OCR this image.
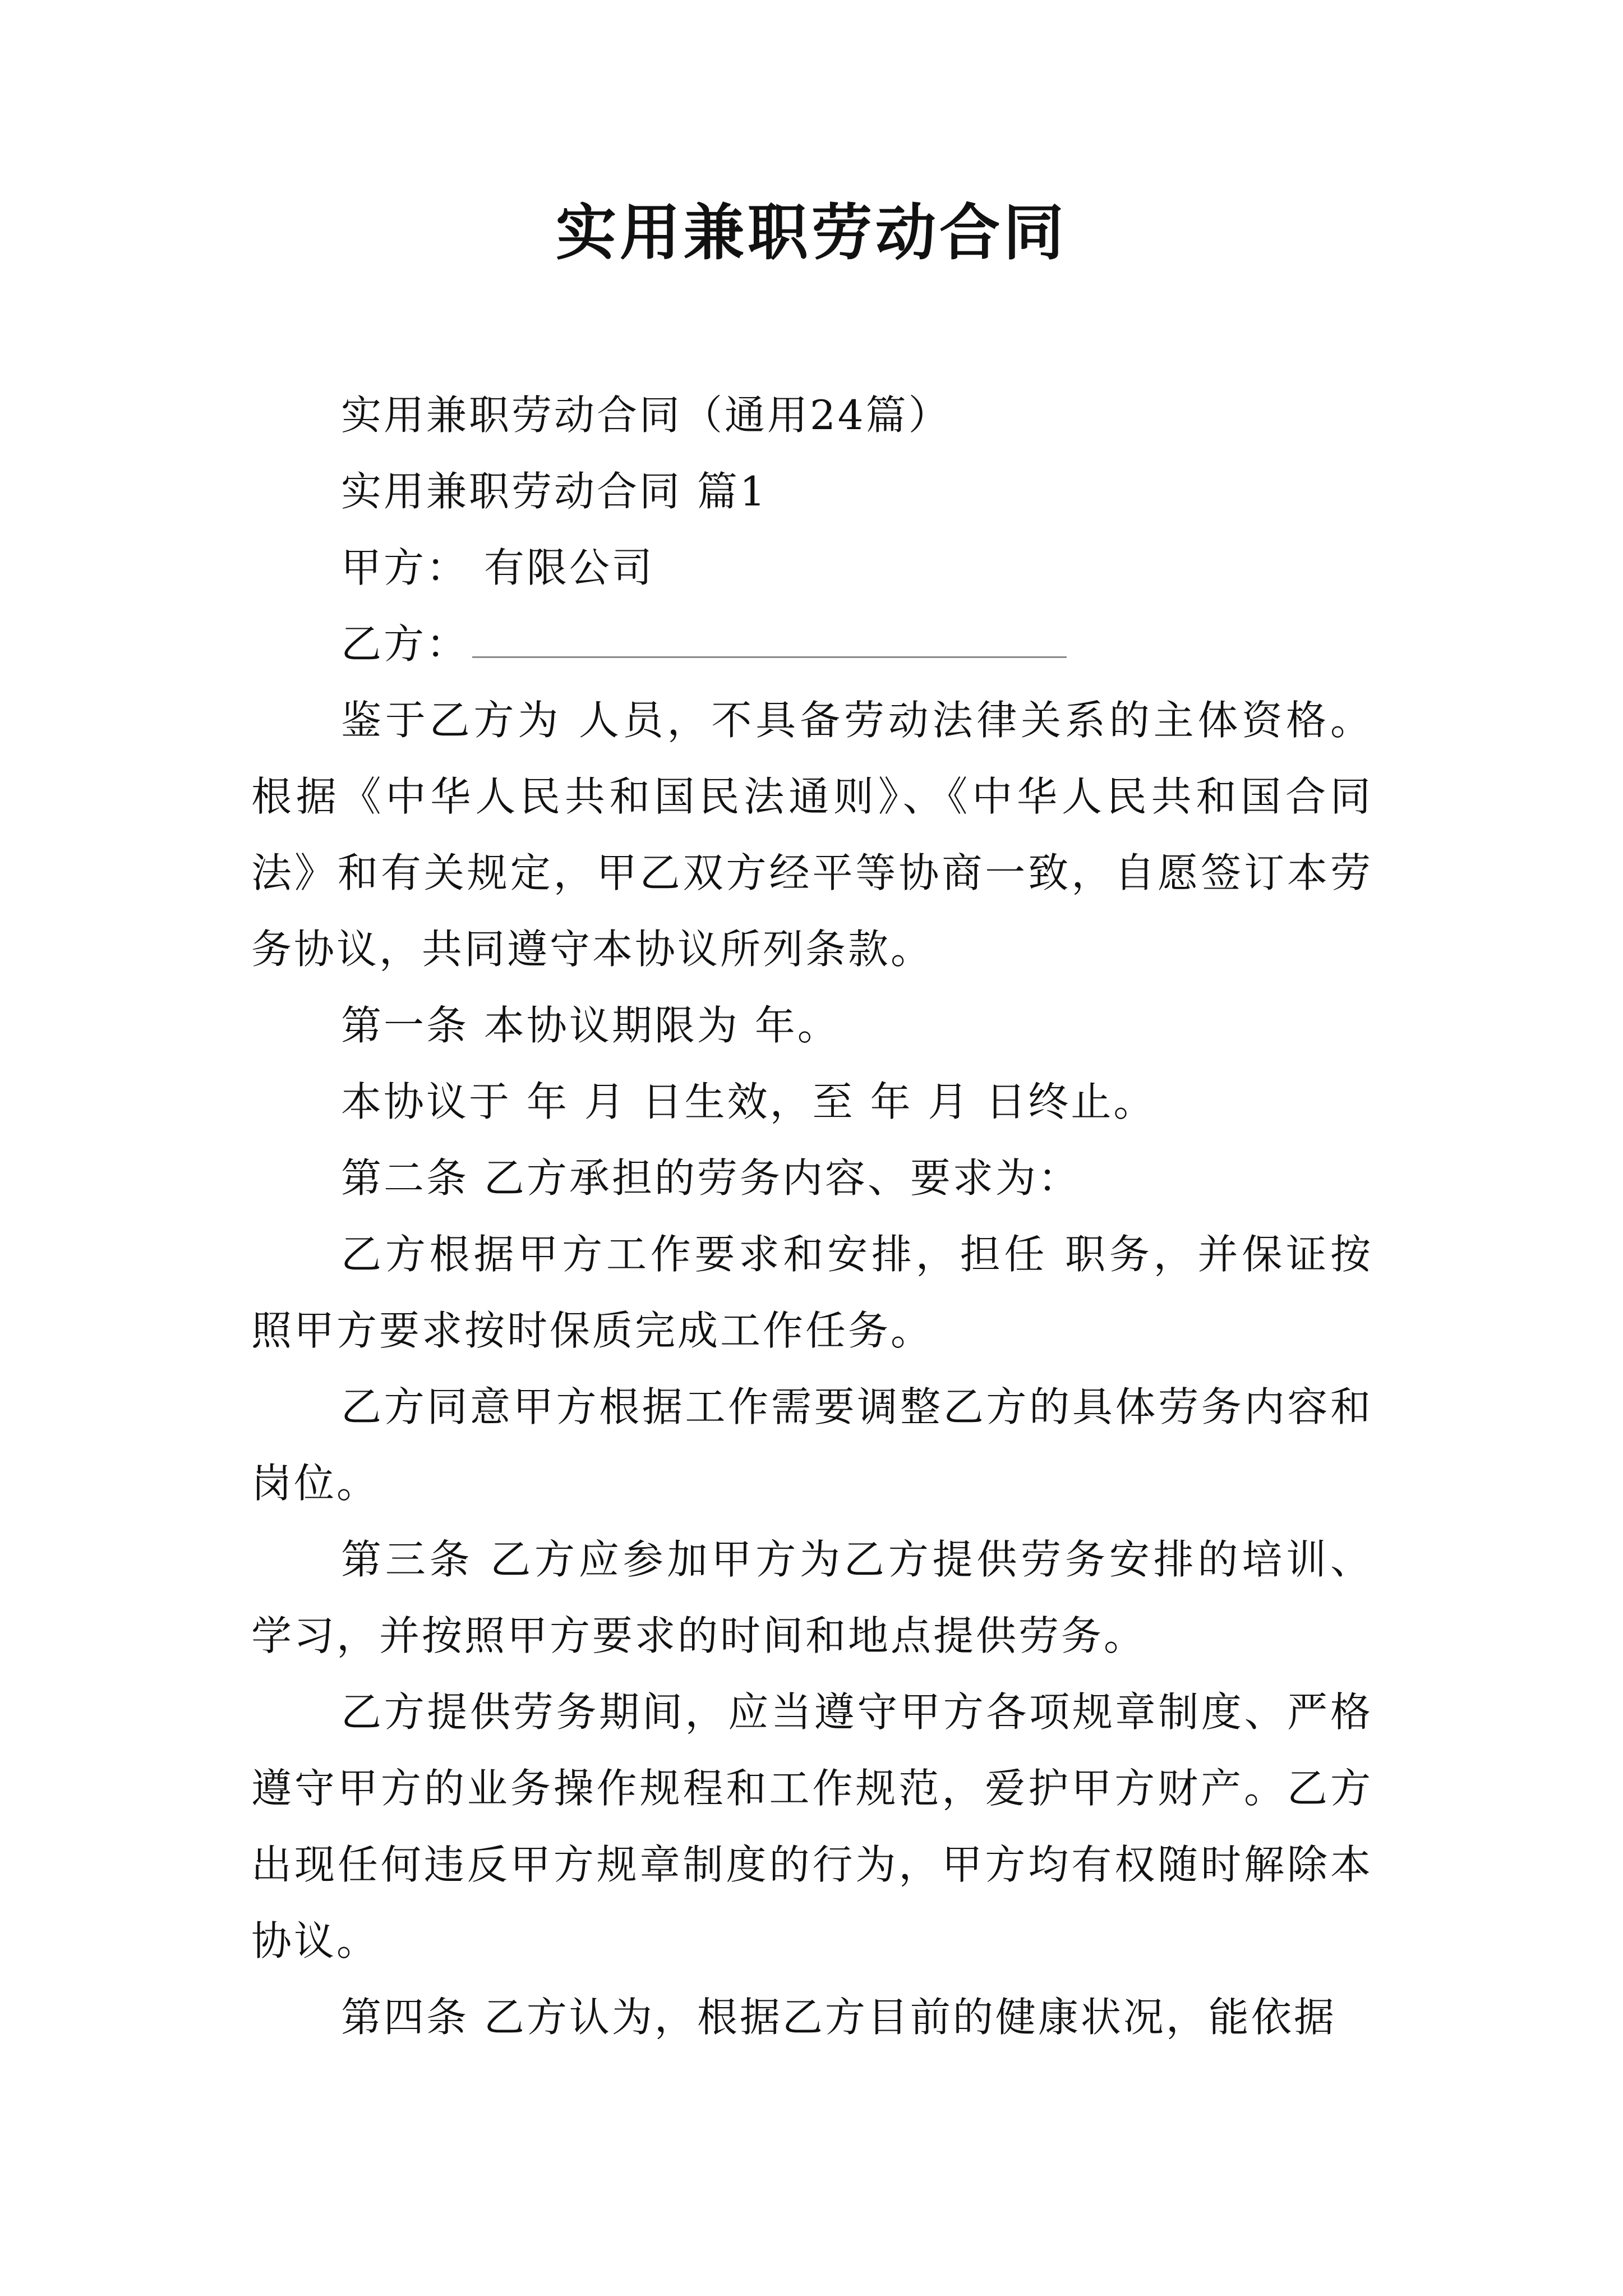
实用兼职劳动合同

实用兼职劳动合同（通用24篇）

实用兼职劳动合同 篇1

甲方： 有限公司

乙方：

鉴于乙方为 人员，不具备劳动法律关系的主体资格。根据《中华人民共和国民法通则》、《中华人民共和国合同法》和有关规定，甲乙双方经平等协商一致，自愿签订本劳务协议，共同遵守本协议所列条款。

第一条 本协议期限为 年。

本协议于 年 月 日生效，至 年 月 日终止。

第二条 乙方承担的劳务内容、要求为：

乙方根据甲方工作要求和安排，担任 职务，并保证按照甲方要求按时保质完成工作任务。

乙方同意甲方根据工作需要调整乙方的具体劳务内容和岗位。

第三条 乙方应参加甲方为乙方提供劳务安排的培训、学习，并按照甲方要求的时间和地点提供劳务。

乙方提供劳务期间，应当遵守甲方各项规章制度、严格遵守甲方的业务操作规程和工作规范，爱护甲方财产。乙方出现任何违反甲方规章制度的行为，甲方均有权随时解除本协议。

第四条 乙方认为，根据乙方目前的健康状况，能依据
